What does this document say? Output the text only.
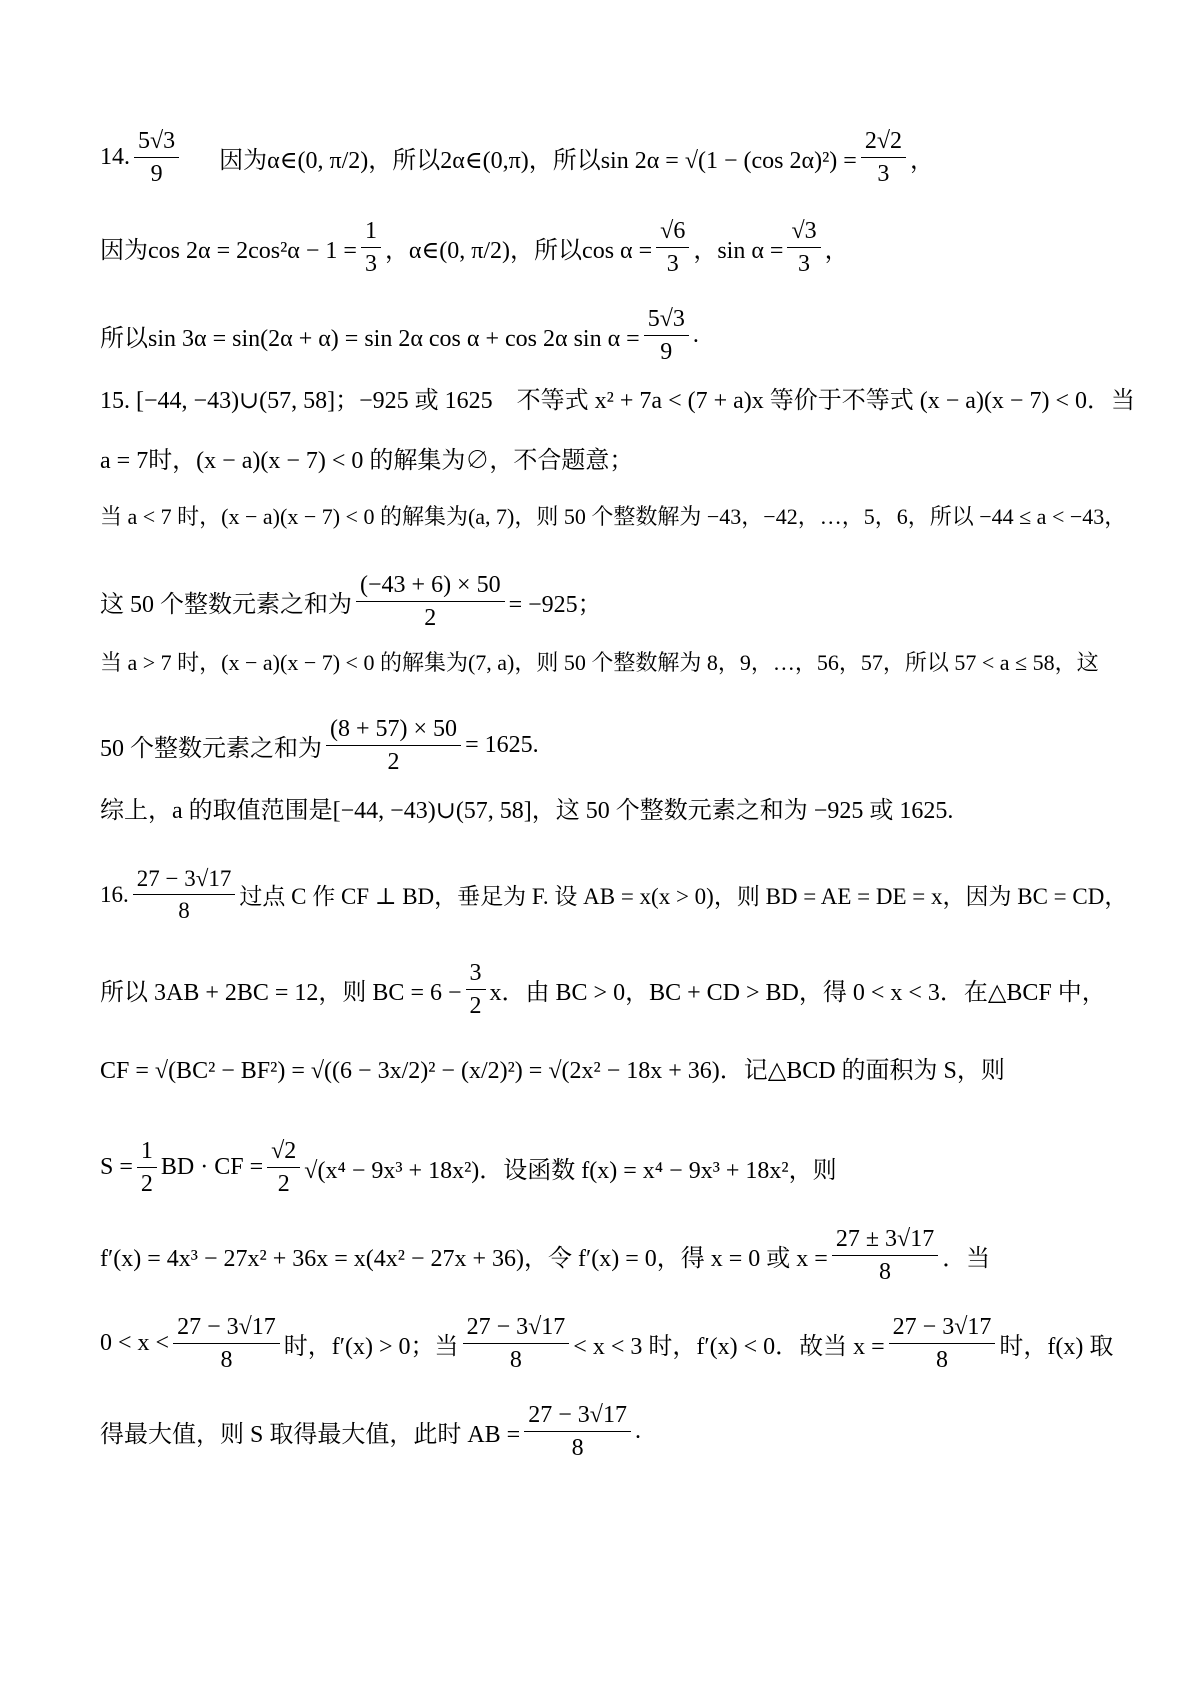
14. $\frac{5√3}{9}$ 因为α∈(0, π/2)，所以2α∈(0,π)，所以sin 2α = √(1 − (cos $2\alpha)^2) = \frac{2√2}{3}$ ，
因为$\cos 2\alpha = 2\cos^2\alpha - 1 = \frac{1}{3}$ ，α∈(0, π/2)，所以$\cos \alpha = \frac{√6}{3}$ ，$\sin \alpha = \frac{√3}{3}$ ，
所以sin 3α = sin(2α + α) = sin 2α cos α + cos 2α $\sin \alpha = \frac{5√3}{9}$ .
15. [−44, −43)∪(57, 58]；−925 或 1625　不等式 x² + 7a < (7 + a)x 等价于不等式 (x − a)(x − 7) < 0．当
a = 7时，(x − a)(x − 7) < 0 的解集为∅，不合题意；
当 a < 7 时，(x − a)(x − 7) < 0 的解集为(a, 7)，则 50 个整数解为 −43，−42，…，5，6，所以 −44 ≤ a < −43，
这 50 个整数元素之和为 $\frac{(-43 + 6) \times 50}{2} = -925$；
当 a > 7 时，(x − a)(x − 7) < 0 的解集为(7, a)，则 50 个整数解为 8，9，…，56，57，所以 57 < a ≤ 58，这
50 个整数元素之和为 $\frac{(8 + 57) \times 50}{2} = 1625$.
综上，a 的取值范围是[−44, −43)∪(57, 58]，这 50 个整数元素之和为 −925 或 1625.
16. $\frac{27 - 3√17}{8}$ 过点 C 作 CF ⊥ BD，垂足为 F. 设 AB = x(x > 0)，则 BD = AE = DE = x，因为 BC = CD，
所以 3AB + 2BC = 12，则 BC = $6 - \frac{3}{2}$ x．由 BC > 0，BC + CD > BD，得 0 < x < 3．在△BCF 中，
CF = √(BC² − BF²) = √((6 − 3x/2)² − (x/2)²) = √(2x² − 18x + 36)．记△BCD 的面积为 S，则
$S = \frac{1}{2}$ BD · CF = $\frac{√2}{2} √(x^4 - 9x^3 + 18x^2)$．设函数 f(x) = x⁴ − 9x³ + 18x²，则
f′(x) = 4x³ − 27x² + 36x = x(4x² − 27x + 36)，令 f′(x) = 0，得 x = 0 或 $x = \frac{27 \pm 3√17}{8}$ ．当
$0 < x < \frac{27 - 3√17}{8}$ 时，f′(x) > 0；当 $\frac{27 - 3√17}{8} < x < 3$ 时，f′(x) < 0．故当 $x = \frac{27 - 3√17}{8}$ 时，f(x) 取
得最大值，则 S 取得最大值，此时 AB = $\frac{27 - 3√17}{8}$ .
